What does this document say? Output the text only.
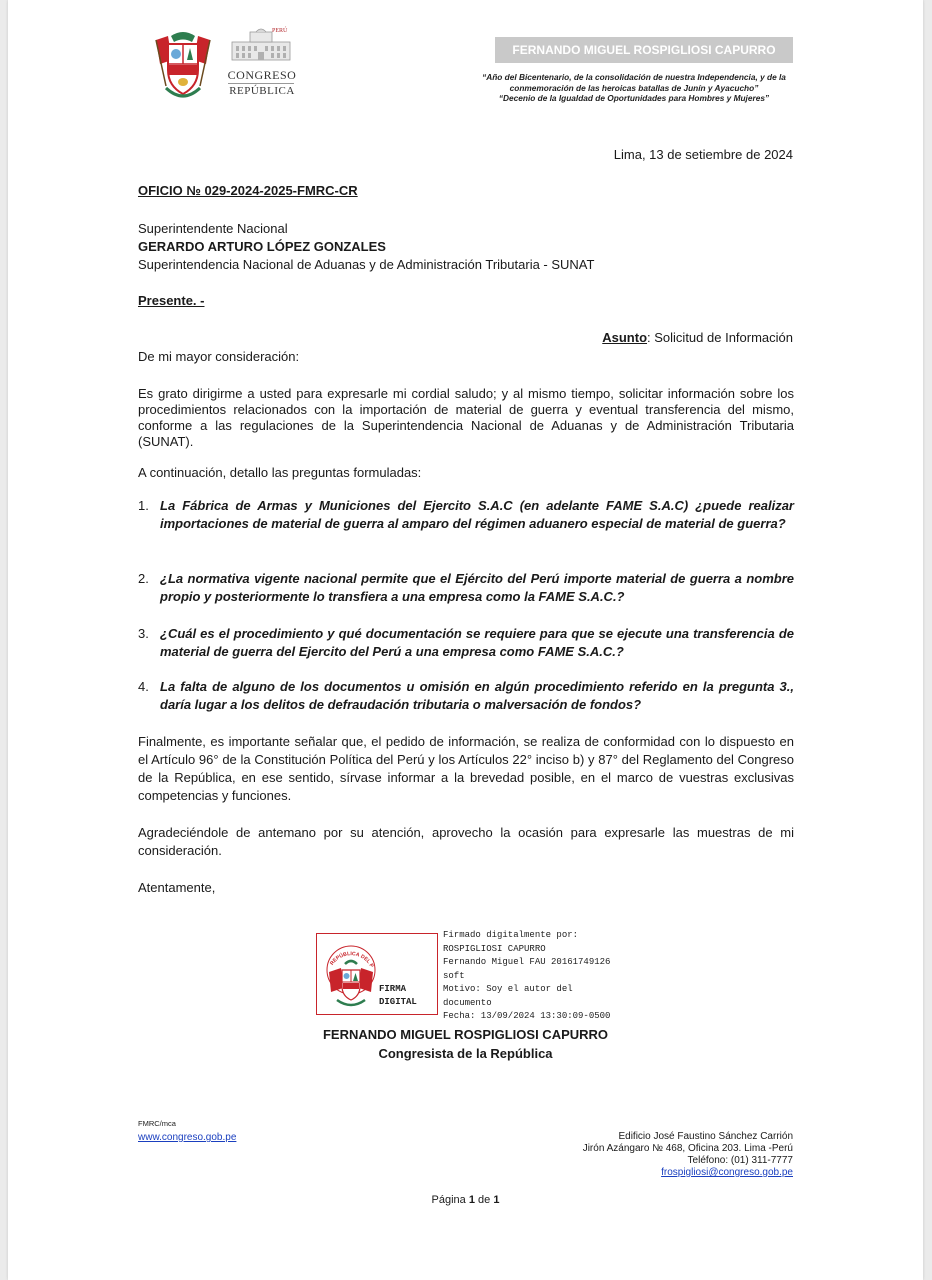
PERÚ
CONGRESO
REPÚBLICA
FERNANDO MIGUEL ROSPIGLIOSI CAPURRO
“Año del Bicentenario, de la consolidación de nuestra Independencia, y de la
conmemoración de las heroicas batallas de Junín y Ayacucho”
“Decenio de la Igualdad de Oportunidades para Hombres y Mujeres”
Lima, 13 de setiembre de 2024
OFICIO № 029-2024-2025-FMRC-CR
Superintendente Nacional
GERARDO ARTURO LÓPEZ GONZALES
Superintendencia Nacional de Aduanas y de Administración Tributaria - SUNAT
Presente. -
Asunto: Solicitud de Información
De mi mayor consideración:
Es grato dirigirme a usted para expresarle mi cordial saludo; y al mismo tiempo, solicitar información sobre los procedimientos relacionados con la importación de material de guerra y eventual transferencia del mismo, conforme a las regulaciones de la Superintendencia Nacional de Aduanas y de Administración Tributaria (SUNAT).
A continuación, detallo las preguntas formuladas:
1. La Fábrica de Armas y Municiones del Ejercito S.A.C (en adelante FAME S.A.C) ¿puede realizar importaciones de material de guerra al amparo del régimen aduanero especial de material de guerra?
2. ¿La normativa vigente nacional permite que el Ejército del Perú importe material de guerra a nombre propio y posteriormente lo transfiera a una empresa como la FAME S.A.C.?
3. ¿Cuál es el procedimiento y qué documentación se requiere para que se ejecute una transferencia de material de guerra del Ejercito del Perú a una empresa como FAME S.A.C.?
4. La falta de alguno de los documentos u omisión en algún procedimiento referido en la pregunta 3., daría lugar a los delitos de defraudación tributaria o malversación de fondos?
Finalmente, es importante señalar que, el pedido de información, se realiza de conformidad con lo dispuesto en el Artículo 96° de la Constitución Política del Perú y los Artículos 22° inciso b) y 87° del Reglamento del Congreso de la República, en ese sentido, sírvase informar a la brevedad posible, en el marco de vuestras exclusivas competencias y funciones.
Agradeciéndole de antemano por su atención, aprovecho la ocasión para expresarle las muestras de mi consideración.
Atentamente,
REPÚBLICA DEL P
FIRMA
DIGITAL
Firmado digitalmente por:
ROSPIGLIOSI CAPURRO
Fernando Miguel FAU 20161749126
soft
Motivo: Soy el autor del
documento
Fecha: 13/09/2024 13:30:09-0500
FERNANDO MIGUEL ROSPIGLIOSI CAPURRO
Congresista de la República
FMRC/mca
www.congreso.gob.pe	Edificio José Faustino Sánchez Carrión
Jirón Azángaro № 468, Oficina 203. Lima -Perú
Teléfono: (01) 311-7777
frospigliosi@congreso.gob.pe
Página 1 de 1
